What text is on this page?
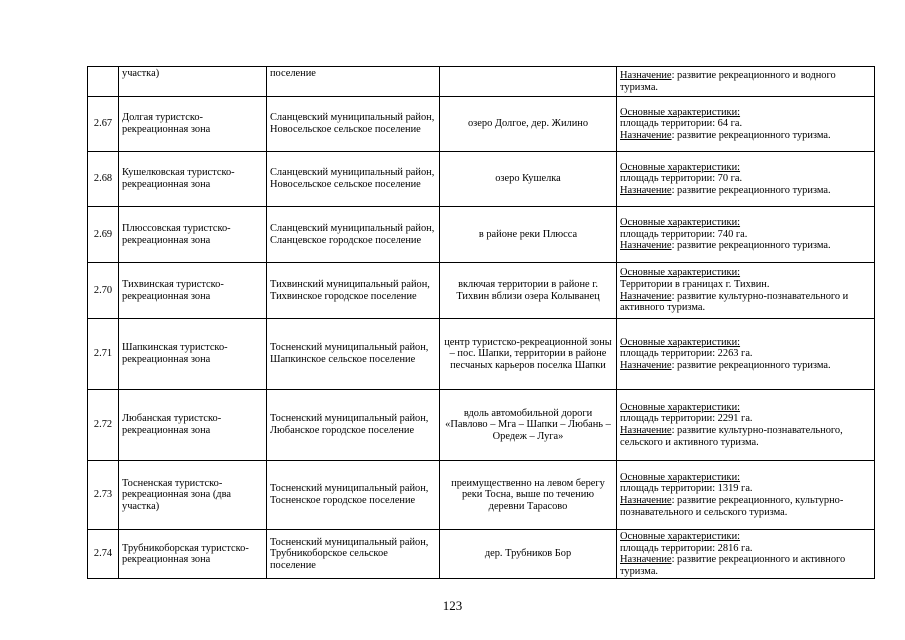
	участка)	поселение		Назначение: развитие рекреационного и водного туризма.
2.67	Долгая туристско-рекреационная зона	Сланцевский муниципальный район, Новосельское сельское поселение	озеро Долгое, дер. Жилино	Основные характеристики:
площадь территории: 64 га.
Назначение: развитие рекреационного туризма.
2.68	Кушелковская туристско-рекреационная зона	Сланцевский муниципальный район, Новосельское сельское поселение	озеро Кушелка	Основные характеристики:
площадь территории: 70 га.
Назначение: развитие рекреационного туризма.
2.69	Плюссовская туристско-рекреационная зона	Сланцевский муниципальный район, Сланцевское городское поселение	в районе реки Плюсса	Основные характеристики:
площадь территории: 740 га.
Назначение: развитие рекреационного туризма.
2.70	Тихвинская туристско-рекреационная зона	Тихвинский муниципальный район, Тихвинское городское поселение	включая территории в районе г. Тихвин вблизи озера Колыванец	Основные характеристики:
Территории в границах г. Тихвин.
Назначение: развитие культурно-познавательного и активного туризма.
2.71	Шапкинская туристско-рекреационная зона	Тосненский муниципальный район, Шапкинское сельское поселение	центр туристско-рекреационной зоны – пос. Шапки, территории в районе песчаных карьеров поселка Шапки	Основные характеристики:
площадь территории: 2263 га.
Назначение: развитие рекреационного туризма.
2.72	Любанская туристско-рекреационная зона	Тосненский муниципальный район, Любанское городское поселение	вдоль автомобильной дороги «Павлово – Мга – Шапки – Любань – Оредеж – Луга»	Основные характеристики:
площадь территории: 2291 га.
Назначение: развитие культурно-познавательного, сельского и активного туризма.
2.73	Тосненская туристско-рекреационная зона (два участка)	Тосненский муниципальный район, Тосненское городское поселение	преимущественно на левом берегу реки Тосна, выше по течению деревни Тарасово	Основные характеристики:
площадь территории: 1319 га.
Назначение: развитие рекреационного, культурно-познавательного и сельского туризма.
2.74	Трубникоборская туристско-рекреационная зона	Тосненский муниципальный район, Трубникоборское сельское поселение	дер. Трубников Бор	Основные характеристики:
площадь территории: 2816 га.
Назначение: развитие рекреационного и активного туризма.
123
